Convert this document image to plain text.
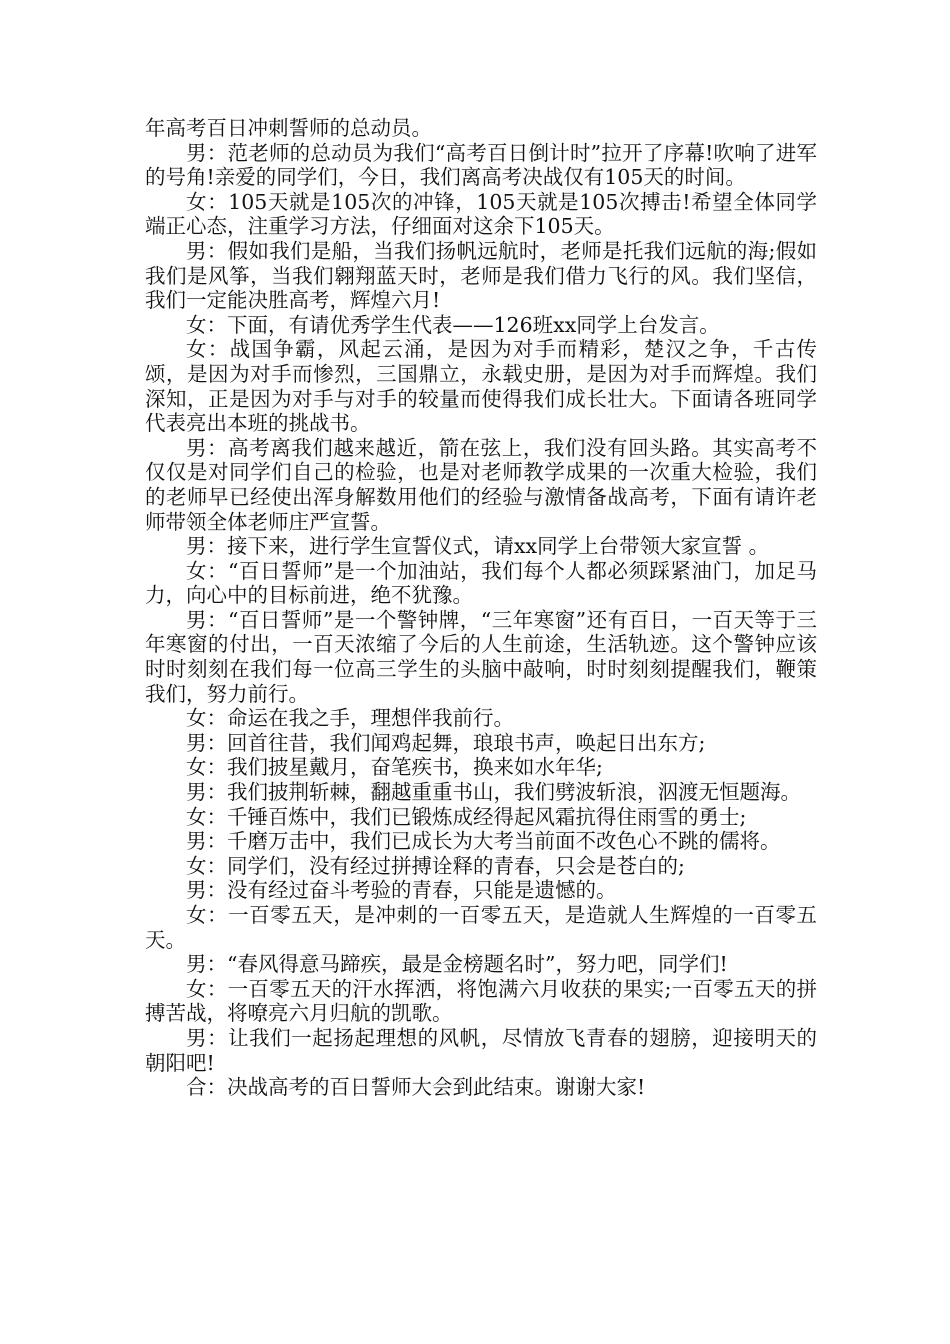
年高考百日冲刺誓师的总动员。

男：范老师的总动员为我们“高考百日倒计时”拉开了序幕!吹响了进军的号角!亲爱的同学们，今日，我们离高考决战仅有105天的时间。

女：105天就是105次的冲锋，105天就是105次搏击!希望全体同学端正心态，注重学习方法，仔细面对这余下105天。

男：假如我们是船，当我们扬帆远航时，老师是托我们远航的海;假如我们是风筝，当我们翱翔蓝天时，老师是我们借力飞行的风。我们坚信，我们一定能决胜高考，辉煌六月!

女：下面，有请优秀学生代表——126班xx同学上台发言。

女：战国争霸，风起云涌，是因为对手而精彩，楚汉之争，千古传颂，是因为对手而惨烈，三国鼎立，永载史册，是因为对手而辉煌。我们深知，正是因为对手与对手的较量而使得我们成长壮大。下面请各班同学代表亮出本班的挑战书。

男：高考离我们越来越近，箭在弦上，我们没有回头路。其实高考不仅仅是对同学们自己的检验，也是对老师教学成果的一次重大检验，我们的老师早已经使出浑身解数用他们的经验与激情备战高考，下面有请许老师带领全体老师庄严宣誓。

男：接下来，进行学生宣誓仪式，请xx同学上台带领大家宣誓 。

女：“百日誓师”是一个加油站，我们每个人都必须踩紧油门，加足马力，向心中的目标前进，绝不犹豫。

男：“百日誓师”是一个警钟牌，“三年寒窗”还有百日，一百天等于三年寒窗的付出，一百天浓缩了今后的人生前途，生活轨迹。这个警钟应该时时刻刻在我们每一位高三学生的头脑中敲响，时时刻刻提醒我们，鞭策我们，努力前行。

女：命运在我之手，理想伴我前行。

男：回首往昔，我们闻鸡起舞，琅琅书声，唤起日出东方;

女：我们披星戴月，奋笔疾书，换来如水年华;

男：我们披荆斩棘，翻越重重书山，我们劈波斩浪，泅渡无恒题海。

女：千锤百炼中，我们已锻炼成经得起风霜抗得住雨雪的勇士;

男：千磨万击中，我们已成长为大考当前面不改色心不跳的儒将。

女：同学们，没有经过拼搏诠释的青春，只会是苍白的;

男：没有经过奋斗考验的青春，只能是遗憾的。

女：一百零五天，是冲刺的一百零五天，是造就人生辉煌的一百零五天。

男：“春风得意马蹄疾，最是金榜题名时”，努力吧，同学们!

女：一百零五天的汗水挥洒，将饱满六月收获的果实;一百零五天的拼搏苦战，将嘹亮六月归航的凯歌。

男：让我们一起扬起理想的风帆，尽情放飞青春的翅膀，迎接明天的朝阳吧!

合：决战高考的百日誓师大会到此结束。谢谢大家!
